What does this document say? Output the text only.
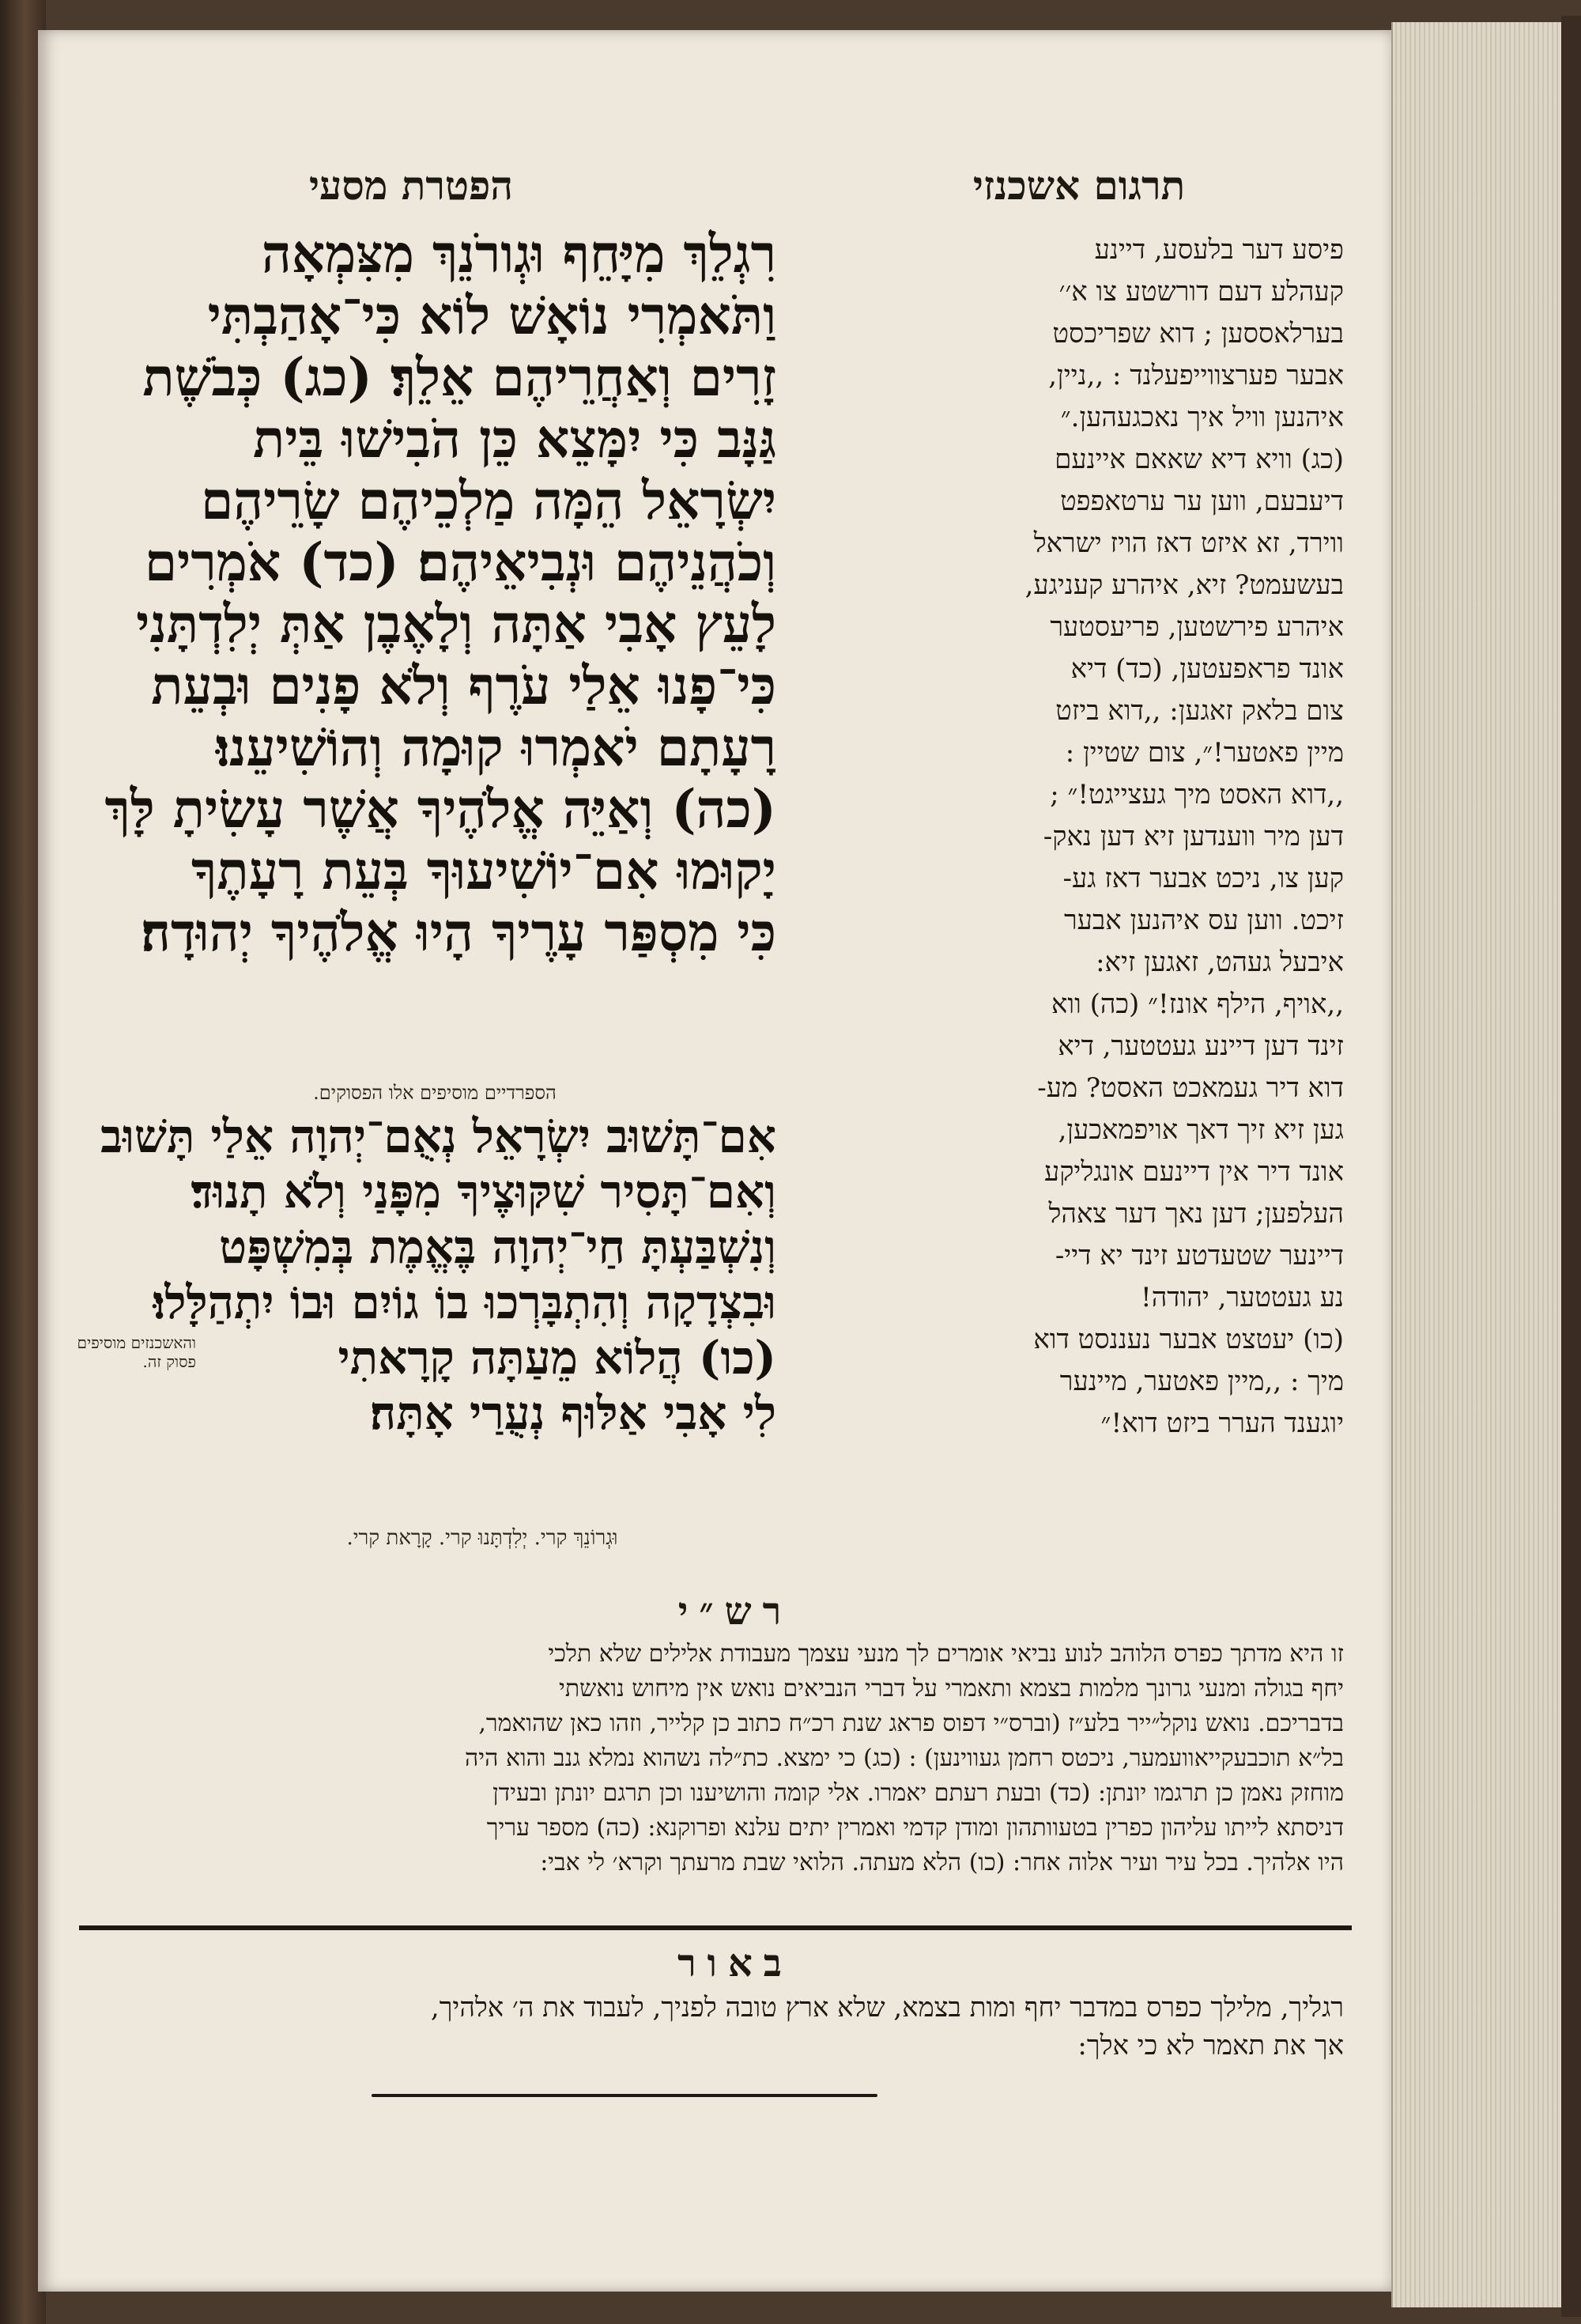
תרגום אשכנזי
הפטרת מסעי
פיסע דער בלעסע, דיינע
קעהלע דעם דורשטע צו א׳׳
בערלאססען ; דוא שפריכסט
אבער פערצווייפעלנד : ,,ניין,
איהנען וויל איך נאכגעהען.״
(כג) וויא דיא שאאם איינעם
דיעבעם, ווען ער ערטאפפט
ווירד, זא איזט דאז הויז ישראל
בעשעמט? זיא, איהרע קעניגע,
איהרע פירשטען, פריעסטער
אונד פראפעטען, (כד) דיא
צום בלאק זאגען: ,,דוא ביזט
מיין פאטער!״, צום שטיין :
,,דוא האסט מיך געצייגט!״ ;
דען מיר ווענדען זיא דען נאק-
קען צו, ניכט אבער דאז גע-
זיכט. ווען עס איהנען אבער
איבעל געהט, זאגען זיא:
,,אויף, הילף אונז!״ (כה) ווא
זינד דען דיינע געטטער, דיא
דוא דיר געמאכט האסט? מע-
גען זיא זיך דאך אויפמאכען,
אונד דיר אין דיינעם אונגליקע
העלפען; דען נאך דער צאהל
דיינער שטעדטע זינד יא דיי-
נע געטטער, יהודה!
(כו) יעטצט אבער נעננסט דוא
מיך : ,,מיין פאטער, מיינער
יוגענד הערר ביזט דוא!״
רִגְלֵךְ מִיָּחֵף וּגְורֹנֵךְ מִצִּמְאָה
וַתֹּאמְרִי נוֹאָשׁ לוֹא כִּי־אָהַבְתִּי
זָרִים וְאַחֲרֵיהֶם אֵלֵךְ׃ (כג) כְּבֹשֶׁת
גַּנָּב כִּי יִמָּצֵא כֵּן הֹבִישׁוּ בֵּית
יִשְׂרָאֵל הֵמָּה מַלְכֵיהֶם שָׂרֵיהֶם
וְכֹהֲנֵיהֶם וּנְבִיאֵיהֶם׃ (כד) אֹמְרִים
לָעֵץ אָבִי אַתָּה וְלָאֶבֶן אַתְּ יְלִדְתָּנִי
כִּי־פָנוּ אֵלַי עֹרֶף וְלֹא פָנִים וּבְעֵת
רָעָתָם יֹאמְרוּ קוּמָה וְהוֹשִׁיעֵנוּ׃
(כה) וְאַיֵּה אֱלֹהֶיךָ אֲשֶׁר עָשִׂיתָ לָּךְ
יָקוּמוּ אִם־יוֹשִׁיעוּךָ בְּעֵת רָעָתֶךָ
כִּי מִסְפַּר עָרֶיךָ הָיוּ אֱלֹהֶיךָ יְהוּדָה׃
הספרדיים מוסיפים אלו הפסוקים.
אִם־תָּשׁוּב יִשְׂרָאֵל נְאֻם־יְהוָה אֵלַי תָּשׁוּב
וְאִם־תָּסִיר שִׁקּוּצֶיךָ מִפָּנַי וְלֹא תָנוּד׃
וְנִשְׁבַּעְתָּ חַי־יְהוָה בֶּאֱמֶת בְּמִשְׁפָּט
וּבִצְדָקָה וְהִתְבָּרְכוּ בוֹ גוֹיִם וּבוֹ יִתְהַלָּלוּ׃
(כו) הֲלוֹא מֵעַתָּה קָרָאתִי
לִי אָבִי אַלּוּף נְעֻרַי אָתָּה׃
והאשכנזים מוסיפים פסוק זה.
וּגְרוֹנֵךְ קרי. יְלִדְתָּנוּ קרי. קָרָאת קרי.
רש״י
זו היא מדתך כפרס הלוהב לנוע נביאי אומרים לך מנעי עצמך מעבודת אלילים שלא תלכי
יחף בגולה ומנעי גרונך מלמות בצמא ותאמרי על דברי הנביאים נואש אין מיחוש נואשתי
בדבריכם. נואש נוקל״ייר בלע״ז (וברס״י דפוס פראג שנת רכ״ח כתוב כן קלייר, וזהו כאן שהואמר,
בל״א תוכבעקייאוועמער, ניכטס רחמן געווינען) : (כג) כי ימצא. כת״לה נשהוא נמלא גנב והוא היה
מוחזק נאמן כן תרגמו יונתן: (כד) ובעת רעתם יאמרו. אלי קומה והושיענו וכן תרגם יונתן ובעידן
דניסתא לייתו עליהון כפרין בטעוותהון ומודן קדמי ואמרין יתים עלנא ופרוקנא: (כה) מספר עריך
היו אלהיך. בכל עיר ועיר אלוה אחר: (כו) הלא מעתה. הלואי שבת מרעתך וקרא׳ לי אבי:
באור
רגליך, מלילך כפרס במדבר יחף ומות בצמא, שלא ארץ טובה לפניך, לעבוד את ה׳ אלהיך,
אך את תאמר לא כי אלך:
